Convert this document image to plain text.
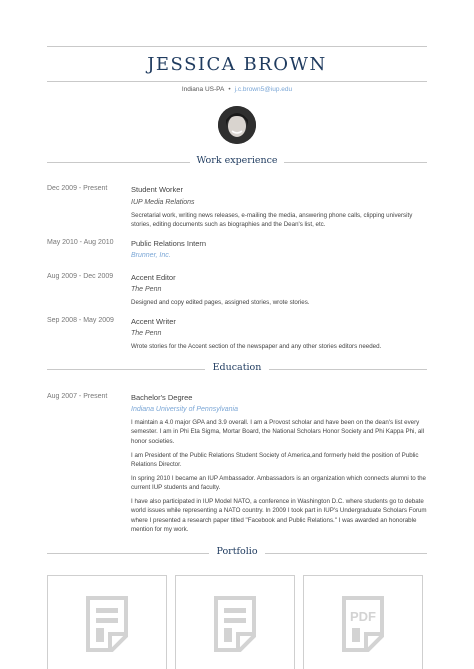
JESSICA BROWN
Indiana US-PA • j.c.brown5@iup.edu
Work experience
Dec 2009 - Present	Student Worker
IUP Media Relations
Secretarial work, writing news releases, e-mailing the media, answering phone calls, clipping university stories, editing documents such as biographies and the Dean's list, etc.
May 2010 - Aug 2010 Public Relations Intern
Brunner, Inc.
Aug 2009 - Dec 2009 Accent Editor
The Penn
Designed and copy edited pages, assigned stories, wrote stories.
Sep 2008 - May 2009 Accent Writer
The Penn
Wrote stories for the Accent section of the newspaper and any other stories editors needed.
Education
Aug 2007 - Present	Bachelor's Degree
Indiana University of Pennsylvania
I maintain a 4.0 major GPA and 3.9 overall. I am a Provost scholar and have been on the dean's list every semester. I am in Phi Eta Sigma, Mortar Board, the National Scholars Honor Society and Phi Kappa Phi, all honor societies.
I am President of the Public Relations Student Society of America,and formerly held the position of Public Relations Director.
In spring 2010 I became an IUP Ambassador. Ambassadors is an organization which connects alumni to the current IUP students and faculty.
I have also participated in IUP Model NATO, a conference in Washington D.C. where students go to debate world issues while representing a NATO country. In 2009 I took part in IUP's Undergraduate Scholars Forum where I presented a research paper titled "Facebook and Public Relations." I was awarded an honorable mention for my work.
Portfolio
PDF
